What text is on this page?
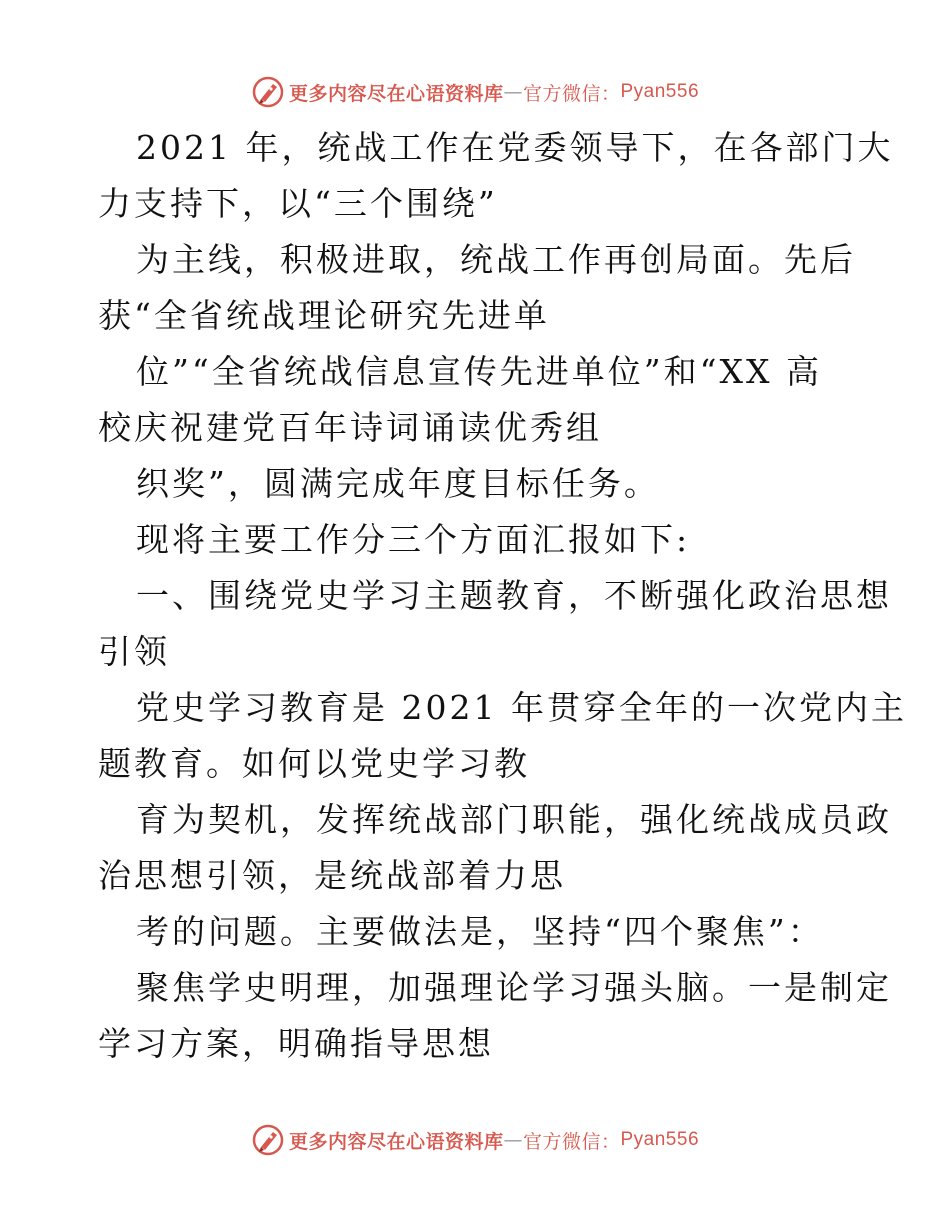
更多内容尽在心语资料库 — 官方微信： Pyan556
2021 年，统战工作在党委领导下，在各部门大
力支持下，以“三个围绕”
为主线，积极进取，统战工作再创局面。先后
获“全省统战理论研究先进单
位”“全省统战信息宣传先进单位”和“XX 高
校庆祝建党百年诗词诵读优秀组
织奖”，圆满完成年度目标任务。
现将主要工作分三个方面汇报如下:
一、围绕党史学习主题教育，不断强化政治思想
引领
党史学习教育是 2021 年贯穿全年的一次党内主
题教育。如何以党史学习教
育为契机，发挥统战部门职能，强化统战成员政
治思想引领，是统战部着力思
考的问题。主要做法是，坚持“四个聚焦”：
聚焦学史明理，加强理论学习强头脑。一是制定
学习方案，明确指导思想
更多内容尽在心语资料库 — 官方微信： Pyan556
